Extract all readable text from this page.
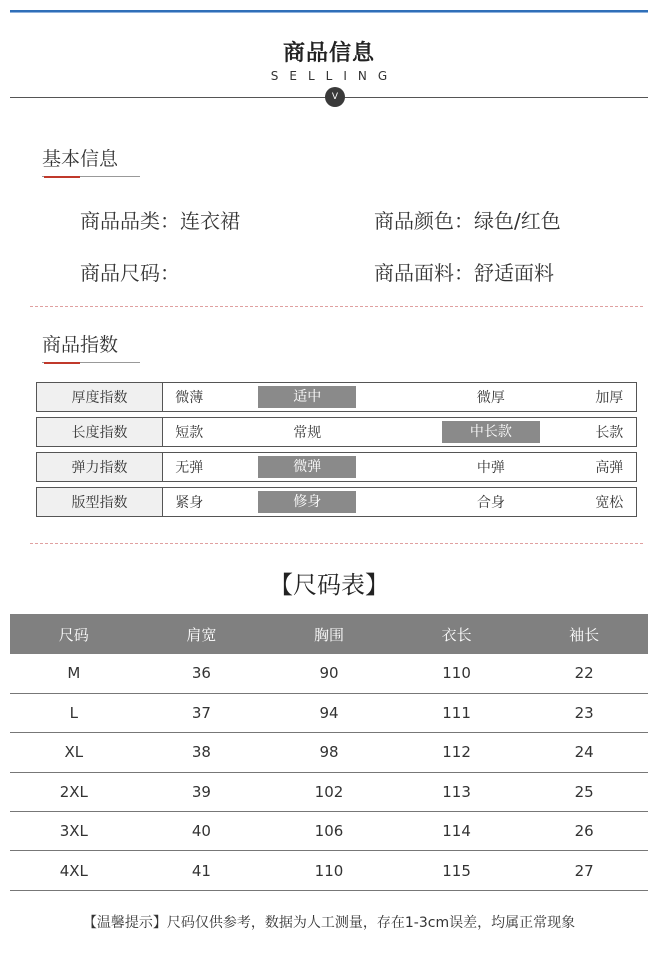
商品信息
SELLING
V
基本信息
商品品类：连衣裙	商品颜色：绿色/红色
商品尺码：	商品面料：舒适面料
商品指数
厚度指数	微薄	适中	微厚	加厚
长度指数	短款	常规	中长款	长款
弹力指数	无弹	微弹	中弹	高弹
版型指数	紧身	修身	合身	宽松
【尺码表】
尺码	肩宽	胸围	衣长	袖长
M	36	90	110	22
L	37	94	111	23
XL	38	98	112	24
2XL	39	102	113	25
3XL	40	106	114	26
4XL	41	110	115	27
【温馨提示】尺码仅供参考，数据为人工测量，存在1-3cm误差，均属正常现象
